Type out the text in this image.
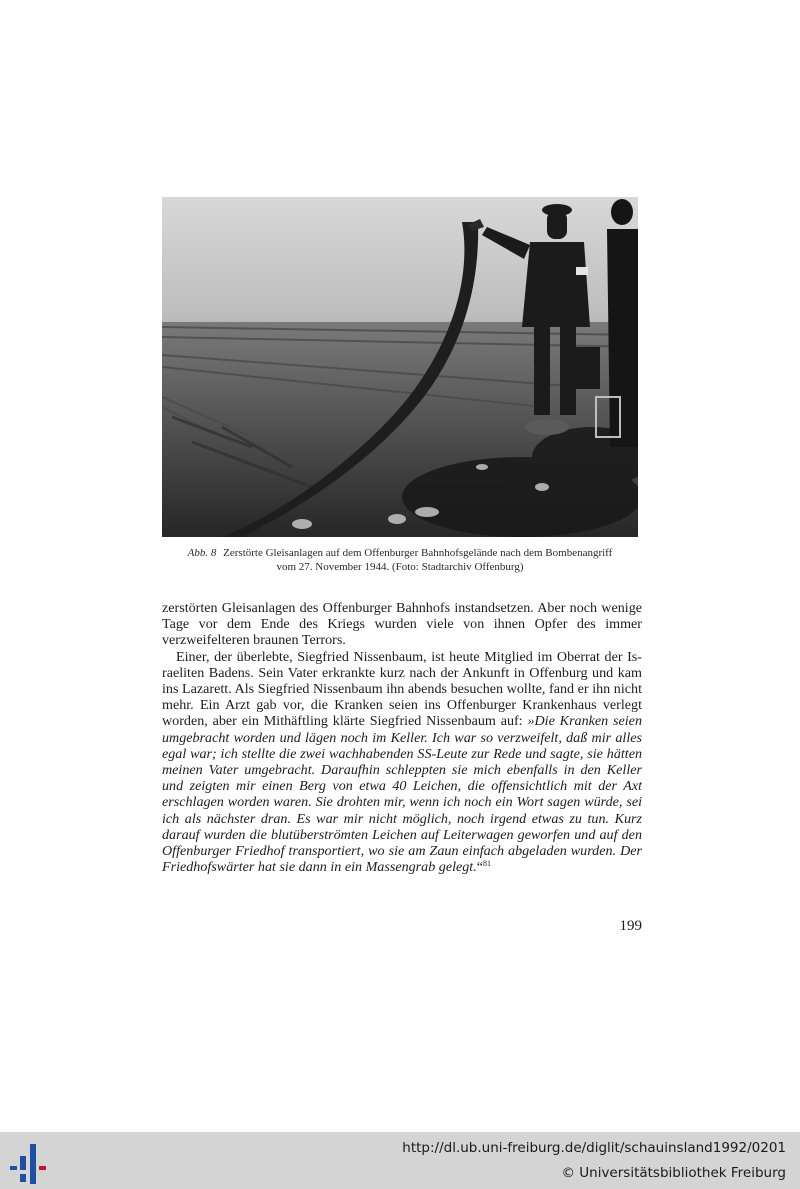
Abb. 8 Zerstörte Gleisanlagen auf dem Offenburger Bahnhofsgelände nach dem Bombenangriff
vom 27. November 1944. (Foto: Stadtarchiv Offenburg)

zerstörten Gleisanlagen des Offenburger Bahnhofs instandsetzen. Aber noch wenige Tage vor dem Ende des Kriegs wurden viele von ihnen Opfer des immer verzweifelteren braunen Terrors.

Einer, der überlebte, Siegfried Nissenbaum, ist heute Mitglied im Oberrat der Israeliten Badens. Sein Vater erkrankte kurz nach der Ankunft in Offenburg und kam ins Lazarett. Als Siegfried Nissenbaum ihn abends besuchen wollte, fand er ihn nicht mehr. Ein Arzt gab vor, die Kranken seien ins Offenburger Krankenhaus verlegt worden, aber ein Mithäftling klärte Siegfried Nissenbaum auf: »Die Kranken seien umgebracht worden und lägen noch im Keller. Ich war so verzweifelt, daß mir alles egal war; ich stellte die zwei wachhabenden SS-Leute zur Rede und sagte, sie hätten meinen Vater umgebracht. Daraufhin schleppten sie mich ebenfalls in den Keller und zeigten mir einen Berg von etwa 40 Leichen, die offensichtlich mit der Axt erschlagen worden waren. Sie drohten mir, wenn ich noch ein Wort sagen würde, sei ich als nächster dran. Es war mir nicht möglich, noch irgend etwas zu tun. Kurz darauf wurden die blutüberströmten Leichen auf Leiterwagen geworfen und auf den Offenburger Friedhof transportiert, wo sie am Zaun einfach abgeladen wurden. Der Friedhofswärter hat sie dann in ein Massengrab gelegt.“$^{81}$

199
http://dl.ub.uni-freiburg.de/diglit/schauinsland1992/0201
© Universitätsbibliothek Freiburg
